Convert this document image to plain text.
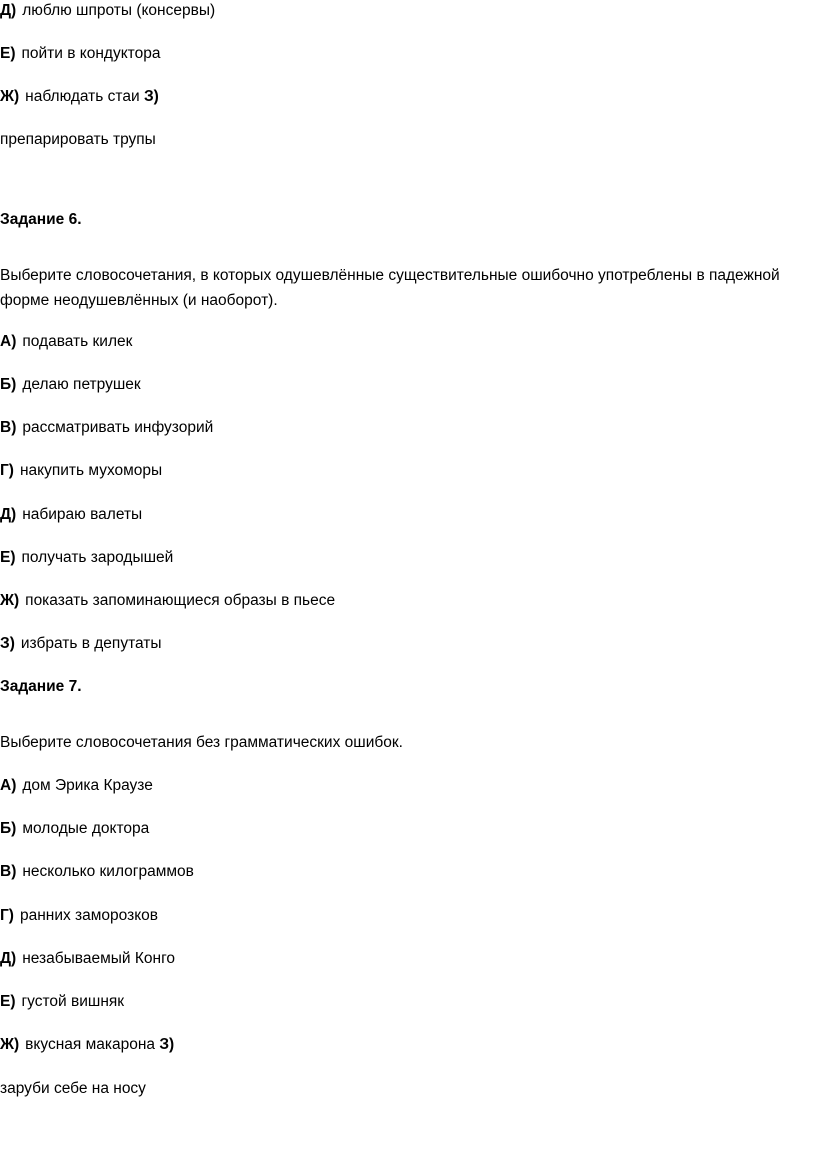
Д) люблю шпроты (консервы)
Е) пойти в кондуктора
Ж) наблюдать стаи З)
препарировать трупы
Задание 6.
Выберите словосочетания, в которых одушевлённые существительные ошибочно употреблены в падежной форме неодушевлённых (и наоборот).
А) подавать килек
Б) делаю петрушек
В) рассматривать инфузорий
Г) накупить мухоморы
Д) набираю валеты
Е) получать зародышей
Ж) показать запоминающиеся образы в пьесе
З) избрать в депутаты
Задание 7.
Выберите словосочетания без грамматических ошибок.
А) дом Эрика Краузе
Б) молодые доктора
В) несколько килограммов
Г) ранних заморозков
Д) незабываемый Конго
Е) густой вишняк
Ж) вкусная макарона З)
заруби себе на носу
